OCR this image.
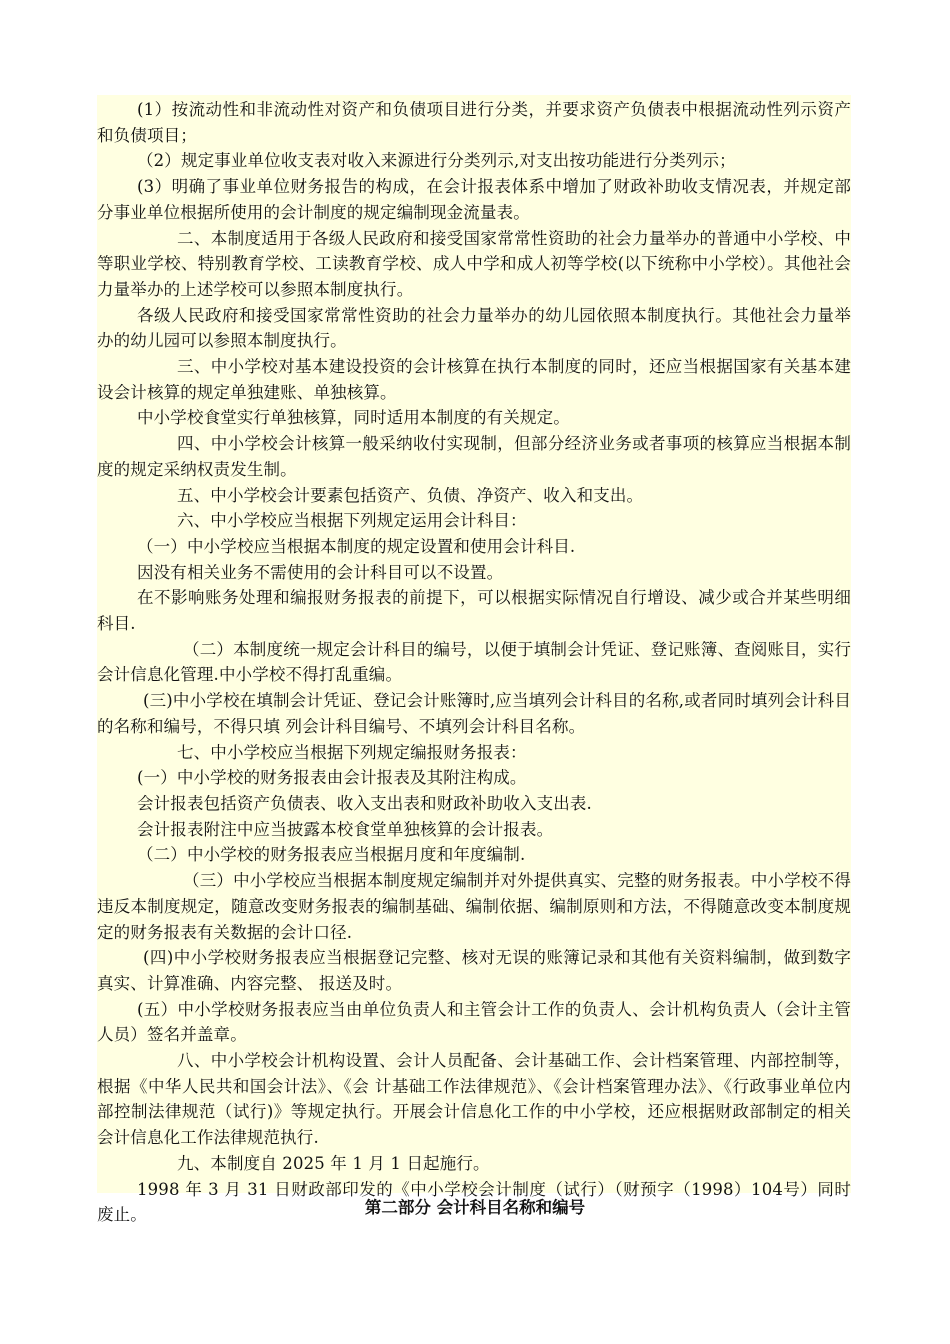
(1）按流动性和非流动性对资产和负债项目进行分类，并要求资产负债表中根据流动性列示资产和负债项目；

（2）规定事业单位收支表对收入来源进行分类列示,对支出按功能进行分类列示；

(3）明确了事业单位财务报告的构成，在会计报表体系中增加了财政补助收支情况表，并规定部分事业单位根据所使用的会计制度的规定编制现金流量表。

二、本制度适用于各级人民政府和接受国家常常性资助的社会力量举办的普通中小学校、中等职业学校、特别教育学校、工读教育学校、成人中学和成人初等学校(以下统称中小学校）。其他社会力量举办的上述学校可以参照本制度执行。

各级人民政府和接受国家常常性资助的社会力量举办的幼儿园依照本制度执行。其他社会力量举办的幼儿园可以参照本制度执行。

三、中小学校对基本建设投资的会计核算在执行本制度的同时，还应当根据国家有关基本建设会计核算的规定单独建账、单独核算。

中小学校食堂实行单独核算，同时适用本制度的有关规定。

四、中小学校会计核算一般采纳收付实现制，但部分经济业务或者事项的核算应当根据本制度的规定采纳权责发生制。

五、中小学校会计要素包括资产、负债、净资产、收入和支出。

六、中小学校应当根据下列规定运用会计科目：

（一）中小学校应当根据本制度的规定设置和使用会计科目.

因没有相关业务不需使用的会计科目可以不设置。

在不影响账务处理和编报财务报表的前提下，可以根据实际情况自行增设、减少或合并某些明细科目.

（二）本制度统一规定会计科目的编号，以便于填制会计凭证、登记账簿、查阅账目，实行会计信息化管理.中小学校不得打乱重编。

(三)中小学校在填制会计凭证、登记会计账簿时,应当填列会计科目的名称,或者同时填列会计科目的名称和编号，不得只填 列会计科目编号、不填列会计科目名称。

七、中小学校应当根据下列规定编报财务报表：

(一）中小学校的财务报表由会计报表及其附注构成。

会计报表包括资产负债表、收入支出表和财政补助收入支出表.

会计报表附注中应当披露本校食堂单独核算的会计报表。

（二）中小学校的财务报表应当根据月度和年度编制.

（三）中小学校应当根据本制度规定编制并对外提供真实、完整的财务报表。中小学校不得违反本制度规定，随意改变财务报表的编制基础、编制依据、编制原则和方法，不得随意改变本制度规定的财务报表有关数据的会计口径.

(四)中小学校财务报表应当根据登记完整、核对无误的账簿记录和其他有关资料编制，做到数字真实、计算准确、内容完整、 报送及时。

(五）中小学校财务报表应当由单位负责人和主管会计工作的负责人、会计机构负责人（会计主管人员）签名并盖章。

八、中小学校会计机构设置、会计人员配备、会计基础工作、会计档案管理、内部控制等，根据《中华人民共和国会计法》、《会 计基础工作法律规范》、《会计档案管理办法》、《行政事业单位内部控制法律规范（试行)》等规定执行。开展会计信息化工作的中小学校，还应根据财政部制定的相关会计信息化工作法律规范执行.

九、本制度自 2025 年 1 月 1 日起施行。

1998 年 3 月 31 日财政部印发的《中小学校会计制度（试行）（财预字（1998）104号）同时废止。	第二部分 会计科目名称和编号
